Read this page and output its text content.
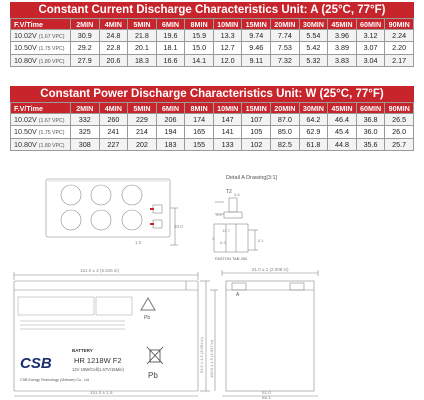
Constant Current Discharge Characteristics Unit: A (25°C, 77°F)
F.V/Time	2MIN	4MIN	5MIN	6MIN	8MIN	10MIN	15MIN	20MIN	30MIN	45MIN	60MIN	90MIN
10.02V (1.67 VPC)	30.9	24.8	21.8	19.6	15.9	13.3	9.74	7.74	5.54	3.96	3.12	2.24
10.50V (1.75 VPC)	29.2	22.8	20.1	18.1	15.0	12.7	9.46	7.53	5.42	3.89	3.07	2.20
10.80V (1.80 VPC)	27.9	20.6	18.3	16.6	14.1	12.0	9.11	7.32	5.32	3.83	3.04	2.17
Constant Power Discharge Characteristics Unit: W (25°C, 77°F)
F.V/Time	2MIN	4MIN	5MIN	6MIN	8MIN	10MIN	15MIN	20MIN	30MIN	45MIN	60MIN	90MIN
10.02V (1.67 VPC)	332	260	229	206	174	147	107	87.0	64.2	46.4	36.8	26.5
10.50V (1.75 VPC)	325	241	214	194	165	141	105	85.0	62.9	45.4	36.0	26.0
10.80V (1.80 VPC)	308	227	202	183	155	133	102	82.5	61.8	44.8	35.6	25.7
1.0
20.0
Detail A Drawing[3:1]
T2
3.4
0.8
12.7
6.3	0.1
3
FASTON TAB 250
151.0 ± 2 (5.945 in)
151.0 ± 1.5
93.5 ± 1.5 (3.681 in) 100.0 ± 1.5 (3.937 in)
Pb
CSB
BATTERY
HR 1218W F2
12V 18W/Cell(1.67V/15Min)
CSB Energy Technology (Vietnam) Co., Ltd	Pb
A
51.0 ± 1 (2.008 in)
51.0
65.1
